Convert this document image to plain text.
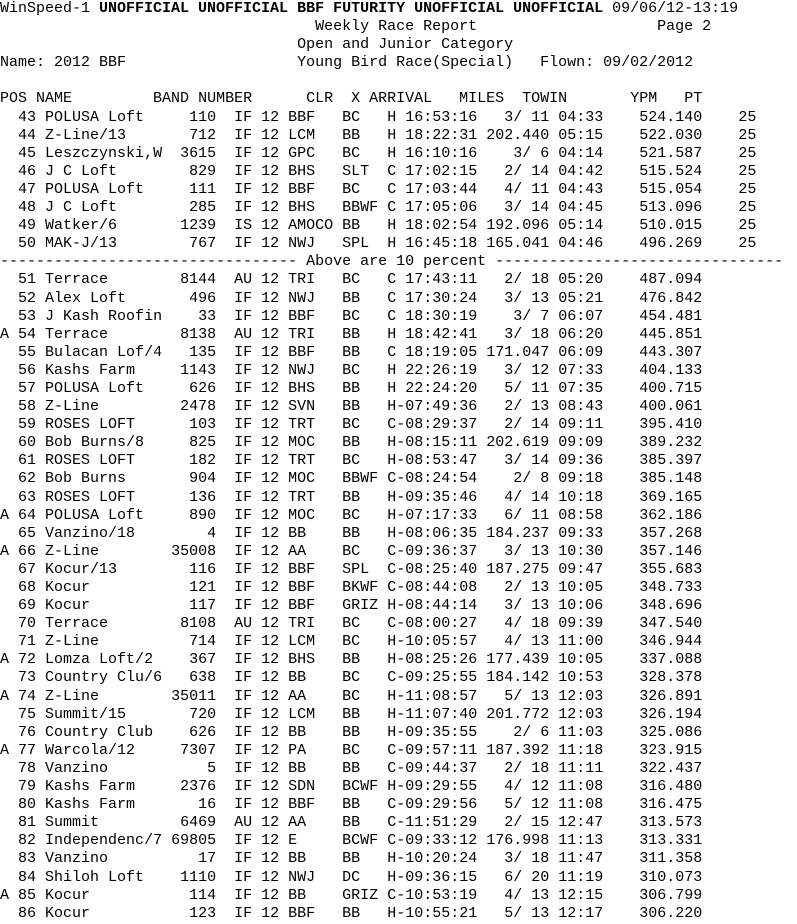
WinSpeed-1 UNOFFICIAL UNOFFICIAL BBF FUTURITY UNOFFICIAL UNOFFICIAL 09/06/12-13:19
Weekly Race Report	Page 2
Open and Junior Category
Name: 2012 BBF	Young Bird Race(Special) Flown: 09/02/2012

POS NAME         BAND NUMBER      CLR  X ARRIVAL   MILES  TOWIN       YPM   PT
43 POLUSA Loft     110 IF 12 BBF   BC   H 16:53:16   3/ 11 04:33    524.140    25
44 Z-Line/13       712 IF 12 LCM   BB   H 18:22:31 202.440 05:15    522.030    25
45 Leszczynski,W  3615 IF 12 GPC   BC   H 16:10:16    3/ 6 04:14    521.587    25
46 J C Loft        829 IF 12 BHS   SLT  C 17:02:15   2/ 14 04:42    515.524    25
47 POLUSA Loft     111 IF 12 BBF   BC   C 17:03:44   4/ 11 04:43    515.054    25
48 J C Loft        285 IF 12 BHS   BBWF C 17:05:06   3/ 14 04:45    513.096    25
49 Watker/6       1239 IS 12 AMOCO BB   H 18:02:54 192.096 05:14    510.015    25
50 MAK-J/13        767 IF 12 NWJ   SPL  H 16:45:18 165.041 04:46    496.269    25
--------------------------------- Above are 10 percent --------------------------------
51 Terrace        8144 AU 12 TRI   BC   C 17:43:11   2/ 18 05:20    487.094
52 Alex Loft       496 IF 12 NWJ   BB   C 17:30:24   3/ 13 05:21    476.842
53 J Kash Roofin    33 IF 12 BBF   BC   C 18:30:19    3/ 7 06:07    454.481
A 54 Terrace        8138 AU 12 TRI   BB   H 18:42:41   3/ 18 06:20    445.851
55 Bulacan Lof/4   135 IF 12 BBF   BB   C 18:19:05 171.047 06:09    443.307
56 Kashs Farm     1143 IF 12 NWJ   BC   H 22:26:19   3/ 12 07:33    404.133
57 POLUSA Loft     626 IF 12 BHS   BB   H 22:24:20   5/ 11 07:35    400.715
58 Z-Line         2478 IF 12 SVN   BB   H-07:49:36   2/ 13 08:43    400.061
59 ROSES LOFT      103 IF 12 TRT   BC   C-08:29:37   2/ 14 09:11    395.410
60 Bob Burns/8     825 IF 12 MOC   BB   H-08:15:11 202.619 09:09    389.232
61 ROSES LOFT      182 IF 12 TRT   BC   H-08:53:47   3/ 14 09:36    385.397
62 Bob Burns       904 IF 12 MOC   BBWF C-08:24:54    2/ 8 09:18    385.148
63 ROSES LOFT      136 IF 12 TRT   BB   H-09:35:46   4/ 14 10:18    369.165
A 64 POLUSA Loft     890 IF 12 MOC   BC   H-07:17:33   6/ 11 08:58    362.186
65 Vanzino/18        4 IF 12 BB    BB   H-08:06:35 184.237 09:33    357.268
A 66 Z-Line        35008 IF 12 AA    BC   C-09:36:37   3/ 13 10:30    357.146
67 Kocur/13        116 IF 12 BBF   SPL  C-08:25:40 187.275 09:47    355.683
68 Kocur           121 IF 12 BBF   BKWF C-08:44:08   2/ 13 10:05    348.733
69 Kocur           117 IF 12 BBF   GRIZ H-08:44:14   3/ 13 10:06    348.696
70 Terrace        8108 AU 12 TRI   BC   C-08:00:27   4/ 18 09:39    347.540
71 Z-Line          714 IF 12 LCM   BC   H-10:05:57   4/ 13 11:00    346.944
A 72 Lomza Loft/2    367 IF 12 BHS   BB   H-08:25:26 177.439 10:05    337.088
73 Country Clu/6   638 IF 12 BB    BC   C-09:25:55 184.142 10:53    328.378
A 74 Z-Line        35011 IF 12 AA    BC   H-11:08:57   5/ 13 12:03    326.891
75 Summit/15       720 IF 12 LCM   BB   H-11:07:40 201.772 12:03    326.194
76 Country Club    626 IF 12 BB    BB   H-09:35:55    2/ 6 11:03    325.086
A 77 Warcola/12     7307 IF 12 PA    BC   C-09:57:11 187.392 11:18    323.915
78 Vanzino           5 IF 12 BB    BB   C-09:44:37   2/ 18 11:11    322.437
79 Kashs Farm     2376 IF 12 SDN   BCWF H-09:29:55   4/ 12 11:08    316.480
80 Kashs Farm       16 IF 12 BBF   BB   C-09:29:56   5/ 12 11:08    316.475
81 Summit         6469 AU 12 AA    BB   C-11:51:29   2/ 15 12:47    313.573
82 Independenc/7 69805 IF 12 E     BCWF C-09:33:12 176.998 11:13    313.331
83 Vanzino          17 IF 12 BB    BB   H-10:20:24   3/ 18 11:47    311.358
84 Shiloh Loft    1110 IF 12 NWJ   DC   H-09:36:15   6/ 20 11:19    310.073
A 85 Kocur           114 IF 12 BB    GRIZ C-10:53:19   4/ 13 12:15    306.799
86 Kocur           123 IF 12 BBF   BB   H-10:55:21   5/ 13 12:17    306.220
